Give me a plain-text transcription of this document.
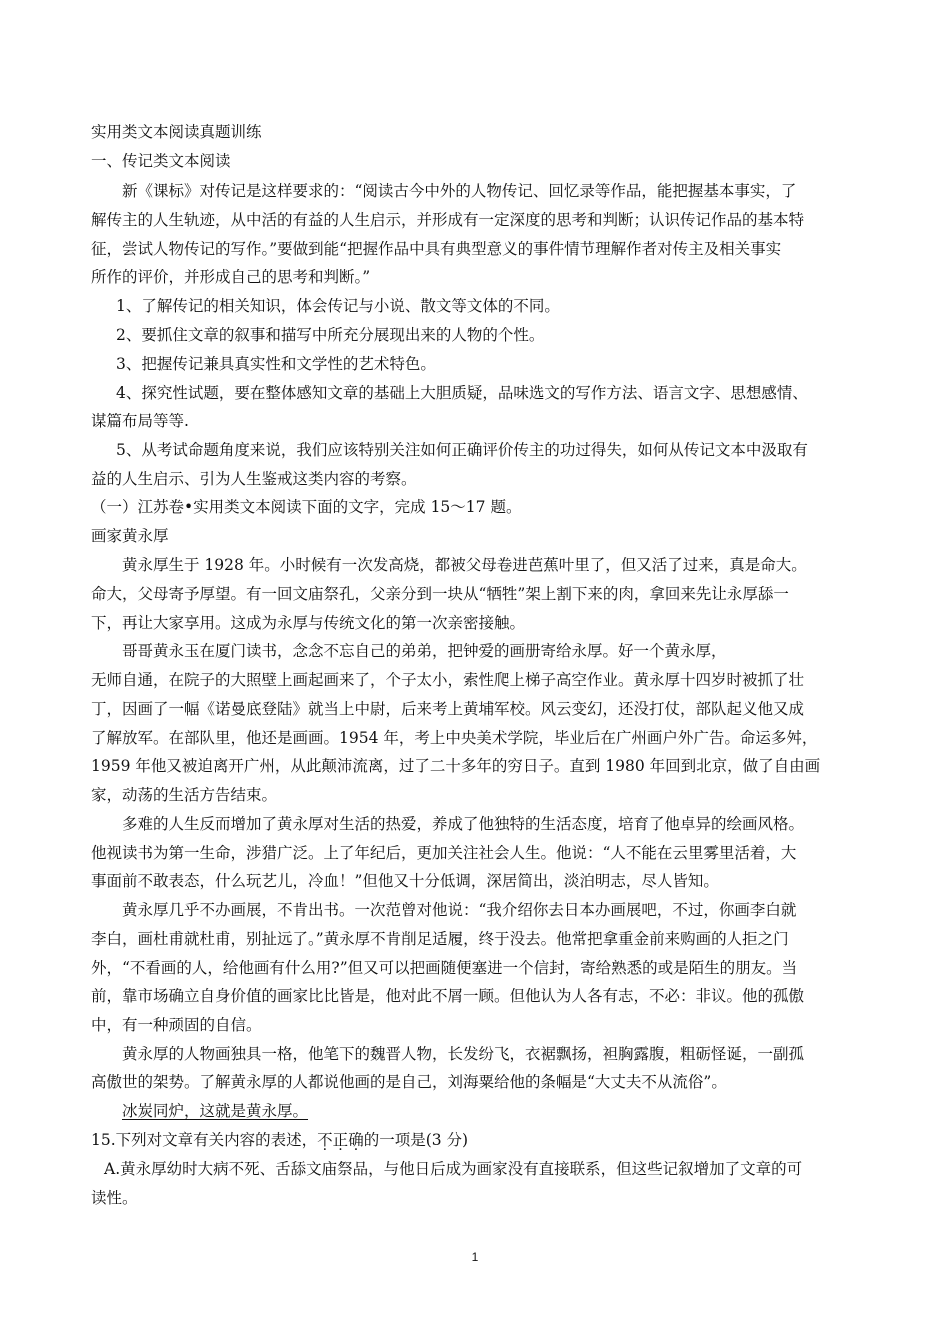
实用类文本阅读真题训练
一、传记类文本阅读
新《课标》对传记是这样要求的：“阅读古今中外的人物传记、回忆录等作品，能把握基本事实，了
解传主的人生轨迹，从中活的有益的人生启示，并形成有一定深度的思考和判断；认识传记作品的基本特
征，尝试人物传记的写作。”要做到能“把握作品中具有典型意义的事件情节理解作者对传主及相关事实
所作的评价，并形成自己的思考和判断。”
1、了解传记的相关知识，体会传记与小说、散文等文体的不同。
2、要抓住文章的叙事和描写中所充分展现出来的人物的个性。
3、把握传记兼具真实性和文学性的艺术特色。
4、探究性试题，要在整体感知文章的基础上大胆质疑，品味选文的写作方法、语言文字、思想感情、
谋篇布局等等.
5、从考试命题角度来说，我们应该特别关注如何正确评价传主的功过得失，如何从传记文本中汲取有
益的人生启示、引为人生鉴戒这类内容的考察。
（一）江苏卷•实用类文本阅读下面的文字，完成 15～17 题。
画家黄永厚
黄永厚生于 1928 年。小时候有一次发高烧，都被父母卷进芭蕉叶里了，但又活了过来，真是命大。
命大，父母寄予厚望。有一回文庙祭孔，父亲分到一块从“牺牲”架上割下来的肉，拿回来先让永厚舔一
下，再让大家享用。这成为永厚与传统文化的第一次亲密接触。
哥哥黄永玉在厦门读书，念念不忘自己的弟弟，把钟爱的画册寄给永厚。好一个黄永厚，
无师自通，在院子的大照壁上画起画来了，个子太小，索性爬上梯子高空作业。黄永厚十四岁时被抓了壮
丁，因画了一幅《诺曼底登陆》就当上中尉，后来考上黄埔军校。风云变幻，还没打仗，部队起义他又成
了解放军。在部队里，他还是画画。1954 年，考上中央美术学院，毕业后在广州画户外广告。命运多舛，
1959 年他又被迫离开广州，从此颠沛流离，过了二十多年的穷日子。直到 1980 年回到北京，做了自由画
家，动荡的生活方告结束。
多难的人生反而增加了黄永厚对生活的热爱，养成了他独特的生活态度，培育了他卓异的绘画风格。
他视读书为第一生命，涉猎广泛。上了年纪后，更加关注社会人生。他说：“人不能在云里雾里活着，大
事面前不敢表态，什么玩艺儿，冷血！”但他又十分低调，深居简出，淡泊明志，尽人皆知。
黄永厚几乎不办画展，不肯出书。一次范曾对他说：“我介绍你去日本办画展吧，不过，你画李白就
李白，画杜甫就杜甫，别扯远了。”黄永厚不肯削足适履，终于没去。他常把拿重金前来购画的人拒之门
外，“不看画的人，给他画有什么用?”但又可以把画随便塞进一个信封，寄给熟悉的或是陌生的朋友。当
前，靠市场确立自身价值的画家比比皆是，他对此不屑一顾。但他认为人各有志，不必：非议。他的孤傲
中，有一种顽固的自信。
黄永厚的人物画独具一格，他笔下的魏晋人物，长发纷飞，衣裾飘扬，袒胸露腹，粗砺怪诞，一副孤
高傲世的架势。了解黄永厚的人都说他画的是自己，刘海粟给他的条幅是“大丈夫不从流俗”。
冰炭同炉，这就是黄永厚。
15.下列对文章有关内容的表述，不正确的一项是(3 分)
A.黄永厚幼时大病不死、舌舔文庙祭品，与他日后成为画家没有直接联系，但这些记叙增加了文章的可
读性。
1
